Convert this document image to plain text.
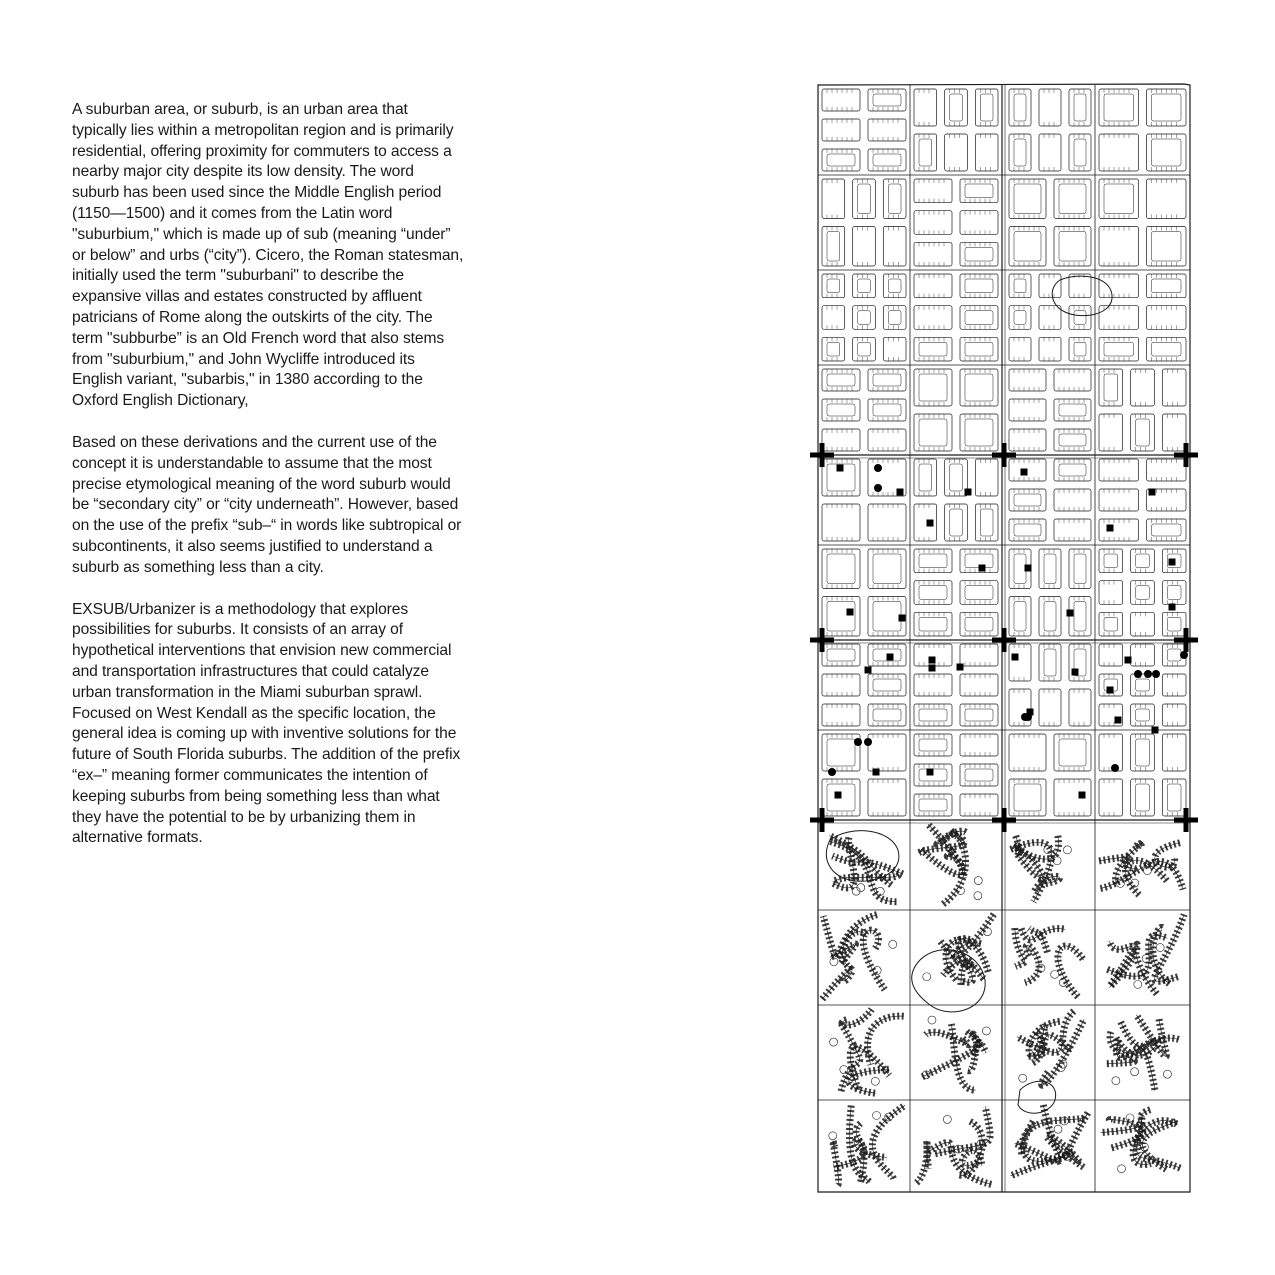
A suburban area, or suburb, is an urban area that typically lies within a metropolitan region and is primarily residential, offering proximity for commuters to access a nearby major city despite its low density. The word suburb has been used since the Middle English period (1150—1500) and it comes from the Latin word "suburbium," which is made up of sub (meaning “under” or below” and urbs (“city”). Cicero, the Roman statesman, initially used the term "suburbani" to describe the expansive villas and estates constructed by affluent patricians of Rome along the outskirts of the city. The term "subburbe” is an Old French word that also stems from "suburbium," and John Wycliffe introduced its English variant, "subarbis," in 1380 according to the Oxford English Dictionary,

Based on these derivations and the current use of the concept it is understandable to assume that the most precise etymological meaning of the word suburb would be “secondary city” or “city underneath”. However, based on the use of the prefix “sub–“ in words like subtropical or subcontinents, it also seems justified to understand a suburb as something less than a city.

EXSUB/Urbanizer is a methodology that explores possibilities for suburbs. It consists of an array of hypothetical interventions that envision new commercial and transportation infrastructures that could catalyze urban transformation in the Miami suburban sprawl. Focused on West Kendall as the specific location, the general idea is coming up with inventive solutions for the future of South Florida suburbs. The addition of the prefix “ex–” meaning former communicates the intention of keeping suburbs from being something less than what they have the potential to be by urbanizing them in alternative formats.
